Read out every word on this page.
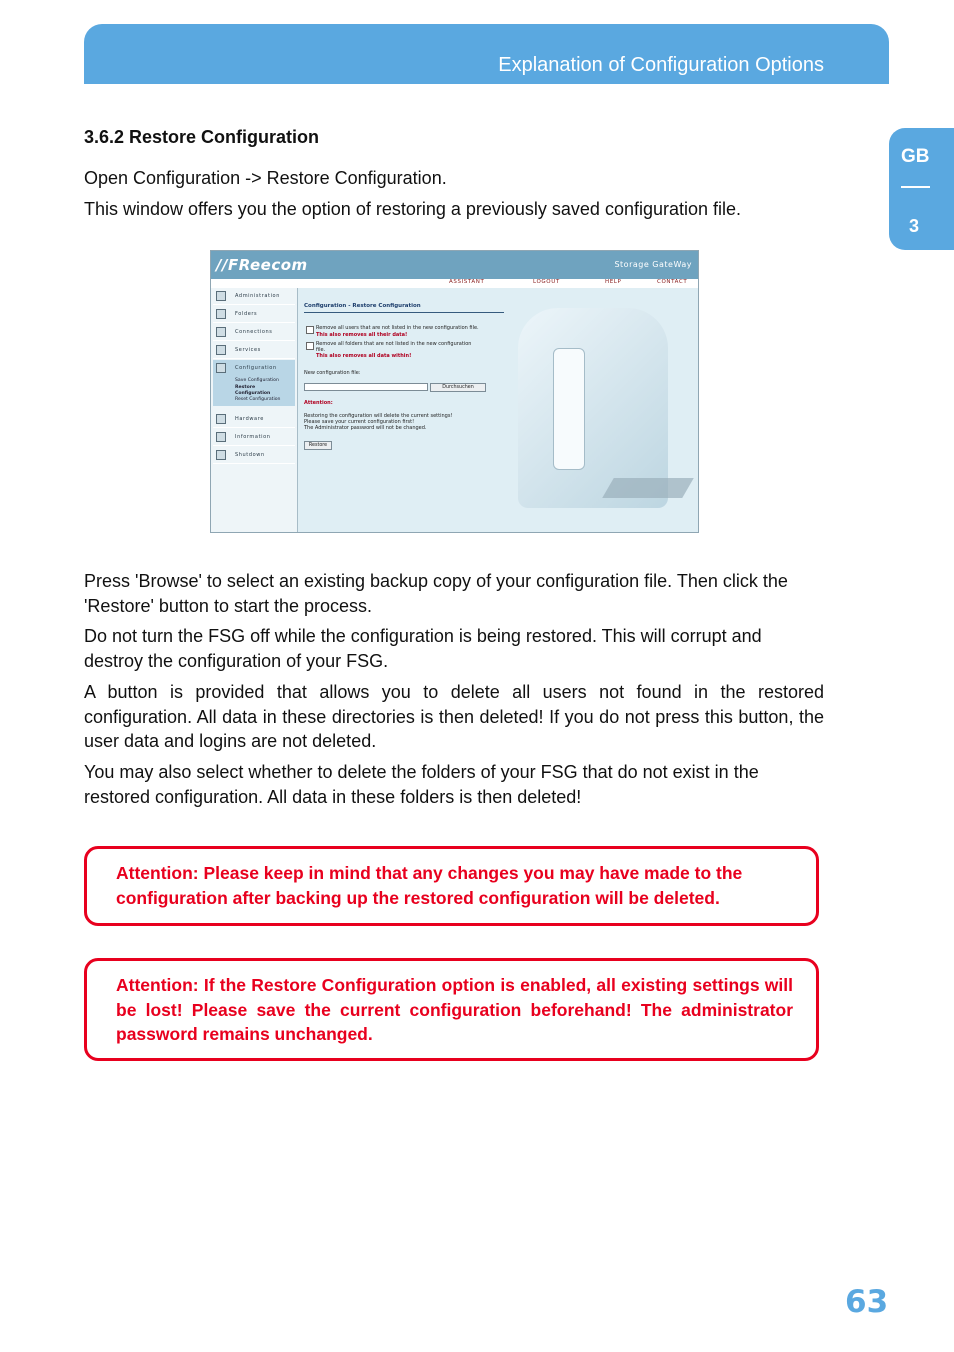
Explanation of Configuration Options
GB
3
3.6.2 Restore Configuration

Open Configuration -> Restore Configuration.

This window offers you the option of restoring a previously saved configuration file.

//FReecom	Storage GateWay
ASSISTANT	LOGOUT	HELP	CONTACT
Administration
Folders
Connections
Services
Configuration
Save Configuration
Restore
Configuration
Reset Configuration
Hardware
Information
Shutdown
Configuration - Restore Configuration
Remove all users that are not listed in the new configuration file.
This also removes all their data!
Remove all folders that are not listed in the new configuration
file.
This also removes all data within!
New configuration file:
Durchsuchen
Attention:
Restoring the configuration will delete the current settings!
Please save your current configuration first!
The Administrator password will not be changed.
Restore

Press 'Browse' to select an existing backup copy of your configuration file. Then click the 'Restore' button to start the process.

Do not turn the FSG off while the configuration is being restored. This will corrupt and destroy the configuration of your FSG.

A button is provided that allows you to delete all users not found in the restored configuration. All data in these directories is then deleted! If you do not press this button, the user data and logins are not deleted.

You may also select whether to delete the folders of your FSG that do not exist in the restored configuration. All data in these folders is then deleted!

Attention: Please keep in mind that any changes you may have made to the configuration after backing up the restored configuration will be deleted.

Attention: If the Restore Configuration option is enabled, all existing settings will be lost! Please save the current configuration beforehand! The administrator password remains unchanged.

63
